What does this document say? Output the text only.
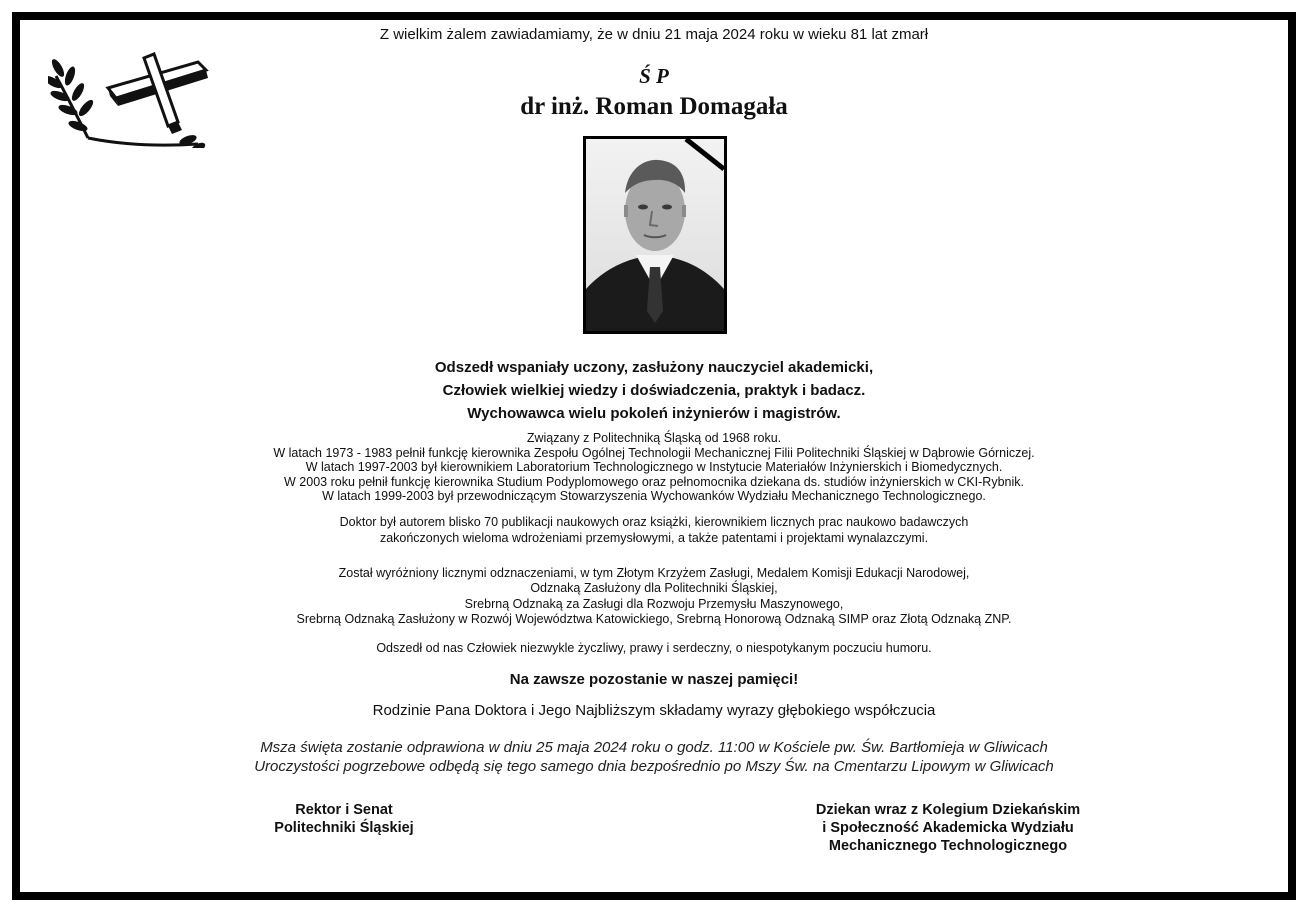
Z wielkim żalem zawiadamiamy, że w dniu 21 maja 2024 roku w wieku 81 lat zmarł
Ś P
dr inż. Roman Domagała
Odszedł wspaniały uczony, zasłużony nauczyciel akademicki,
Człowiek wielkiej wiedzy i doświadczenia, praktyk i badacz.
Wychowawca wielu pokoleń inżynierów i magistrów.
Związany z Politechniką Śląską od 1968 roku.
W latach 1973 - 1983 pełnił funkcję kierownika Zespołu Ogólnej Technologii Mechanicznej Filii Politechniki Śląskiej w Dąbrowie Górniczej.
W latach 1997-2003 był kierownikiem Laboratorium Technologicznego w Instytucie Materiałów Inżynierskich i Biomedycznych.
W 2003 roku pełnił funkcję kierownika Studium Podyplomowego oraz pełnomocnika dziekana ds. studiów inżynierskich w CKI-Rybnik.
W latach 1999-2003 był przewodniczącym Stowarzyszenia Wychowanków Wydziału Mechanicznego Technologicznego.
Doktor był autorem blisko 70 publikacji naukowych oraz książki, kierownikiem licznych prac naukowo badawczych
zakończonych wieloma wdrożeniami przemysłowymi, a także patentami i projektami wynalazczymi.
Został wyróżniony licznymi odznaczeniami, w tym Złotym Krzyżem Zasługi, Medalem Komisji Edukacji Narodowej,
Odznaką Zasłużony dla Politechniki Śląskiej,
Srebrną Odznaką za Zasługi dla Rozwoju Przemysłu Maszynowego,
Srebrną Odznaką Zasłużony w Rozwój Województwa Katowickiego, Srebrną Honorową Odznaką SIMP oraz Złotą Odznaką ZNP.
Odszedł od nas Człowiek niezwykle życzliwy, prawy i serdeczny, o niespotykanym poczuciu humoru.
Na zawsze pozostanie w naszej pamięci!
Rodzinie Pana Doktora i Jego Najbliższym składamy wyrazy głębokiego współczucia
Msza święta zostanie odprawiona w dniu 25 maja 2024 roku o godz. 11:00 w Kościele pw. Św. Bartłomieja w Gliwicach
Uroczystości pogrzebowe odbędą się tego samego dnia bezpośrednio po Mszy Św. na Cmentarzu Lipowym w Gliwicach
Rektor i Senat
Politechniki Śląskiej
Dziekan wraz z Kolegium Dziekańskim
i Społeczność Akademicka Wydziału
Mechanicznego Technologicznego
